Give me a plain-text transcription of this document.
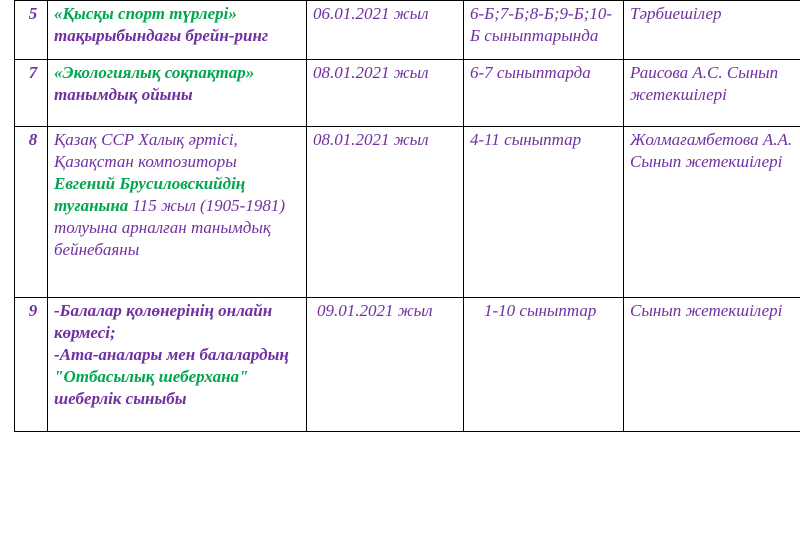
5	«Қысқы спорт түрлері»
тақырыбындағы брейн-ринг	06.01.2021 жыл	6-Б;7-Б;8-Б;9-Б;10-Б сыныптарында	Тәрбиешілер
7	«Экологиялық соқпақтар»
танымдық ойыны	08.01.2021 жыл	6-7 сыныптарда	Раисова А.С. Сынып жетекшілері
8	Қазақ ССР Халық әртісі, Қазақстан композиторы Евгений Брусиловскийдің туғанына 115 жыл (1905-1981) толуына арналған танымдық бейнебаяны	08.01.2021 жыл	4-11 сыныптар	Жолмағамбетова А.А. Сынып жетекшілері
9	-Балалар қолөнерінің онлайн көрмесі;
-Ата-аналары мен балалардың "Отбасылық шеберхана" шеберлік сыныбы	09.01.2021 жыл	1-10 сыныптар	Сынып жетекшілері
